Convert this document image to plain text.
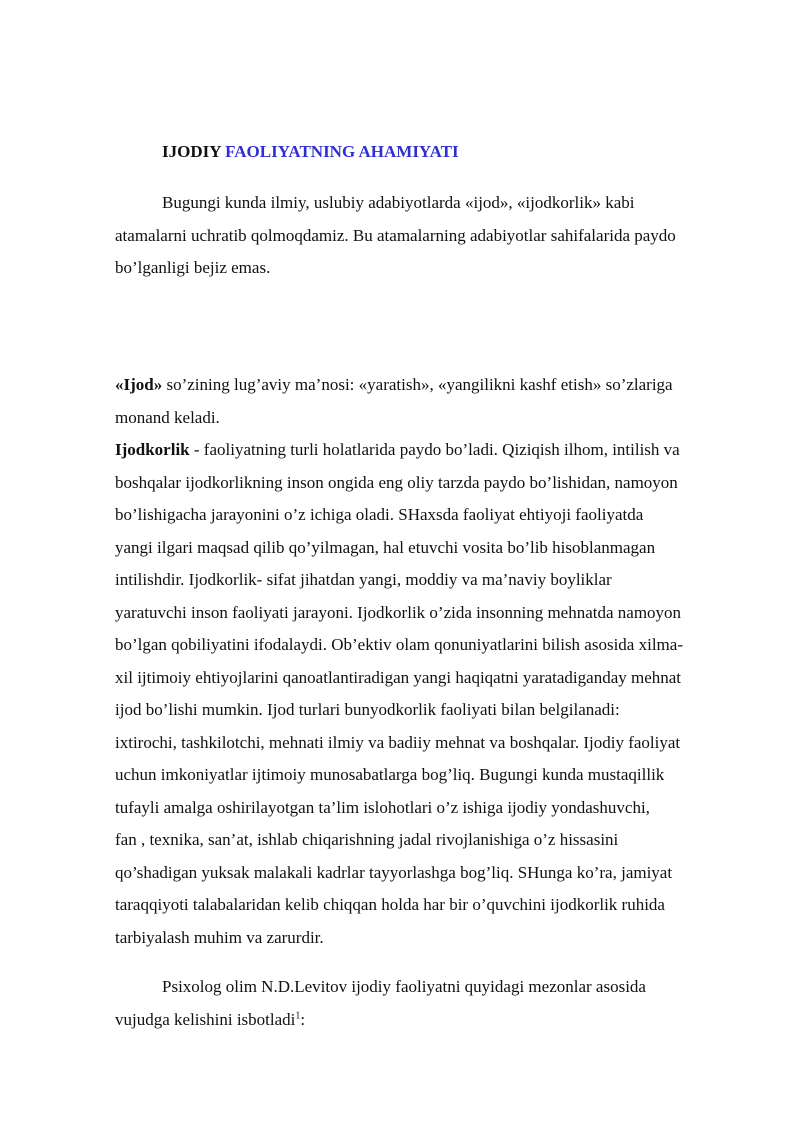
IJODIY FAOLIYATNING AHAMIYATI
Bugungi kunda ilmiy, uslubiy adabiyotlarda «ijod», «ijodkorlik» kabi
atamalarni uchratib qolmoqdamiz. Bu atamalarning adabiyotlar sahifalarida paydo
bo’lganligi bejiz emas.
«Ijod» so’zining lug’aviy ma’nosi: «yaratish», «yangilikni kashf etish» so’zlariga
monand keladi.
Ijodkorlik - faoliyatning turli holatlarida paydo bo’ladi. Qiziqish ilhom, intilish va
boshqalar ijodkorlikning inson ongida eng oliy tarzda paydo bo’lishidan, namoyon
bo’lishigacha jarayonini o’z ichiga oladi. SHaxsda faoliyat ehtiyoji faoliyatda
yangi ilgari maqsad qilib qo’yilmagan, hal etuvchi vosita bo’lib hisoblanmagan
intilishdir. Ijodkorlik- sifat jihatdan yangi, moddiy va ma’naviy boyliklar
yaratuvchi inson faoliyati jarayoni. Ijodkorlik o’zida insonning mehnatda namoyon
bo’lgan qobiliyatini ifodalaydi. Ob’ektiv olam qonuniyatlarini bilish asosida xilma-
xil ijtimoiy ehtiyojlarini qanoatlantiradigan yangi haqiqatni yaratadiganday mehnat
ijod bo’lishi mumkin. Ijod turlari bunyodkorlik faoliyati bilan belgilanadi:
ixtirochi, tashkilotchi, mehnati ilmiy va badiiy mehnat va boshqalar. Ijodiy faoliyat
uchun imkoniyatlar ijtimoiy munosabatlarga bog’liq. Bugungi kunda mustaqillik
tufayli amalga oshirilayotgan ta’lim islohotlari o’z ishiga ijodiy yondashuvchi,
fan , texnika, san’at, ishlab chiqarishning jadal rivojlanishiga o’z hissasini
qo’shadigan yuksak malakali kadrlar tayyorlashga bog’liq. SHunga ko’ra, jamiyat
taraqqiyoti talabalaridan kelib chiqqan holda har bir o’quvchini ijodkorlik ruhida
tarbiyalash muhim va zarurdir.
Psixolog olim N.D.Levitov ijodiy faoliyatni quyidagi mezonlar asosida
vujudga kelishini isbotladi$^1$:
